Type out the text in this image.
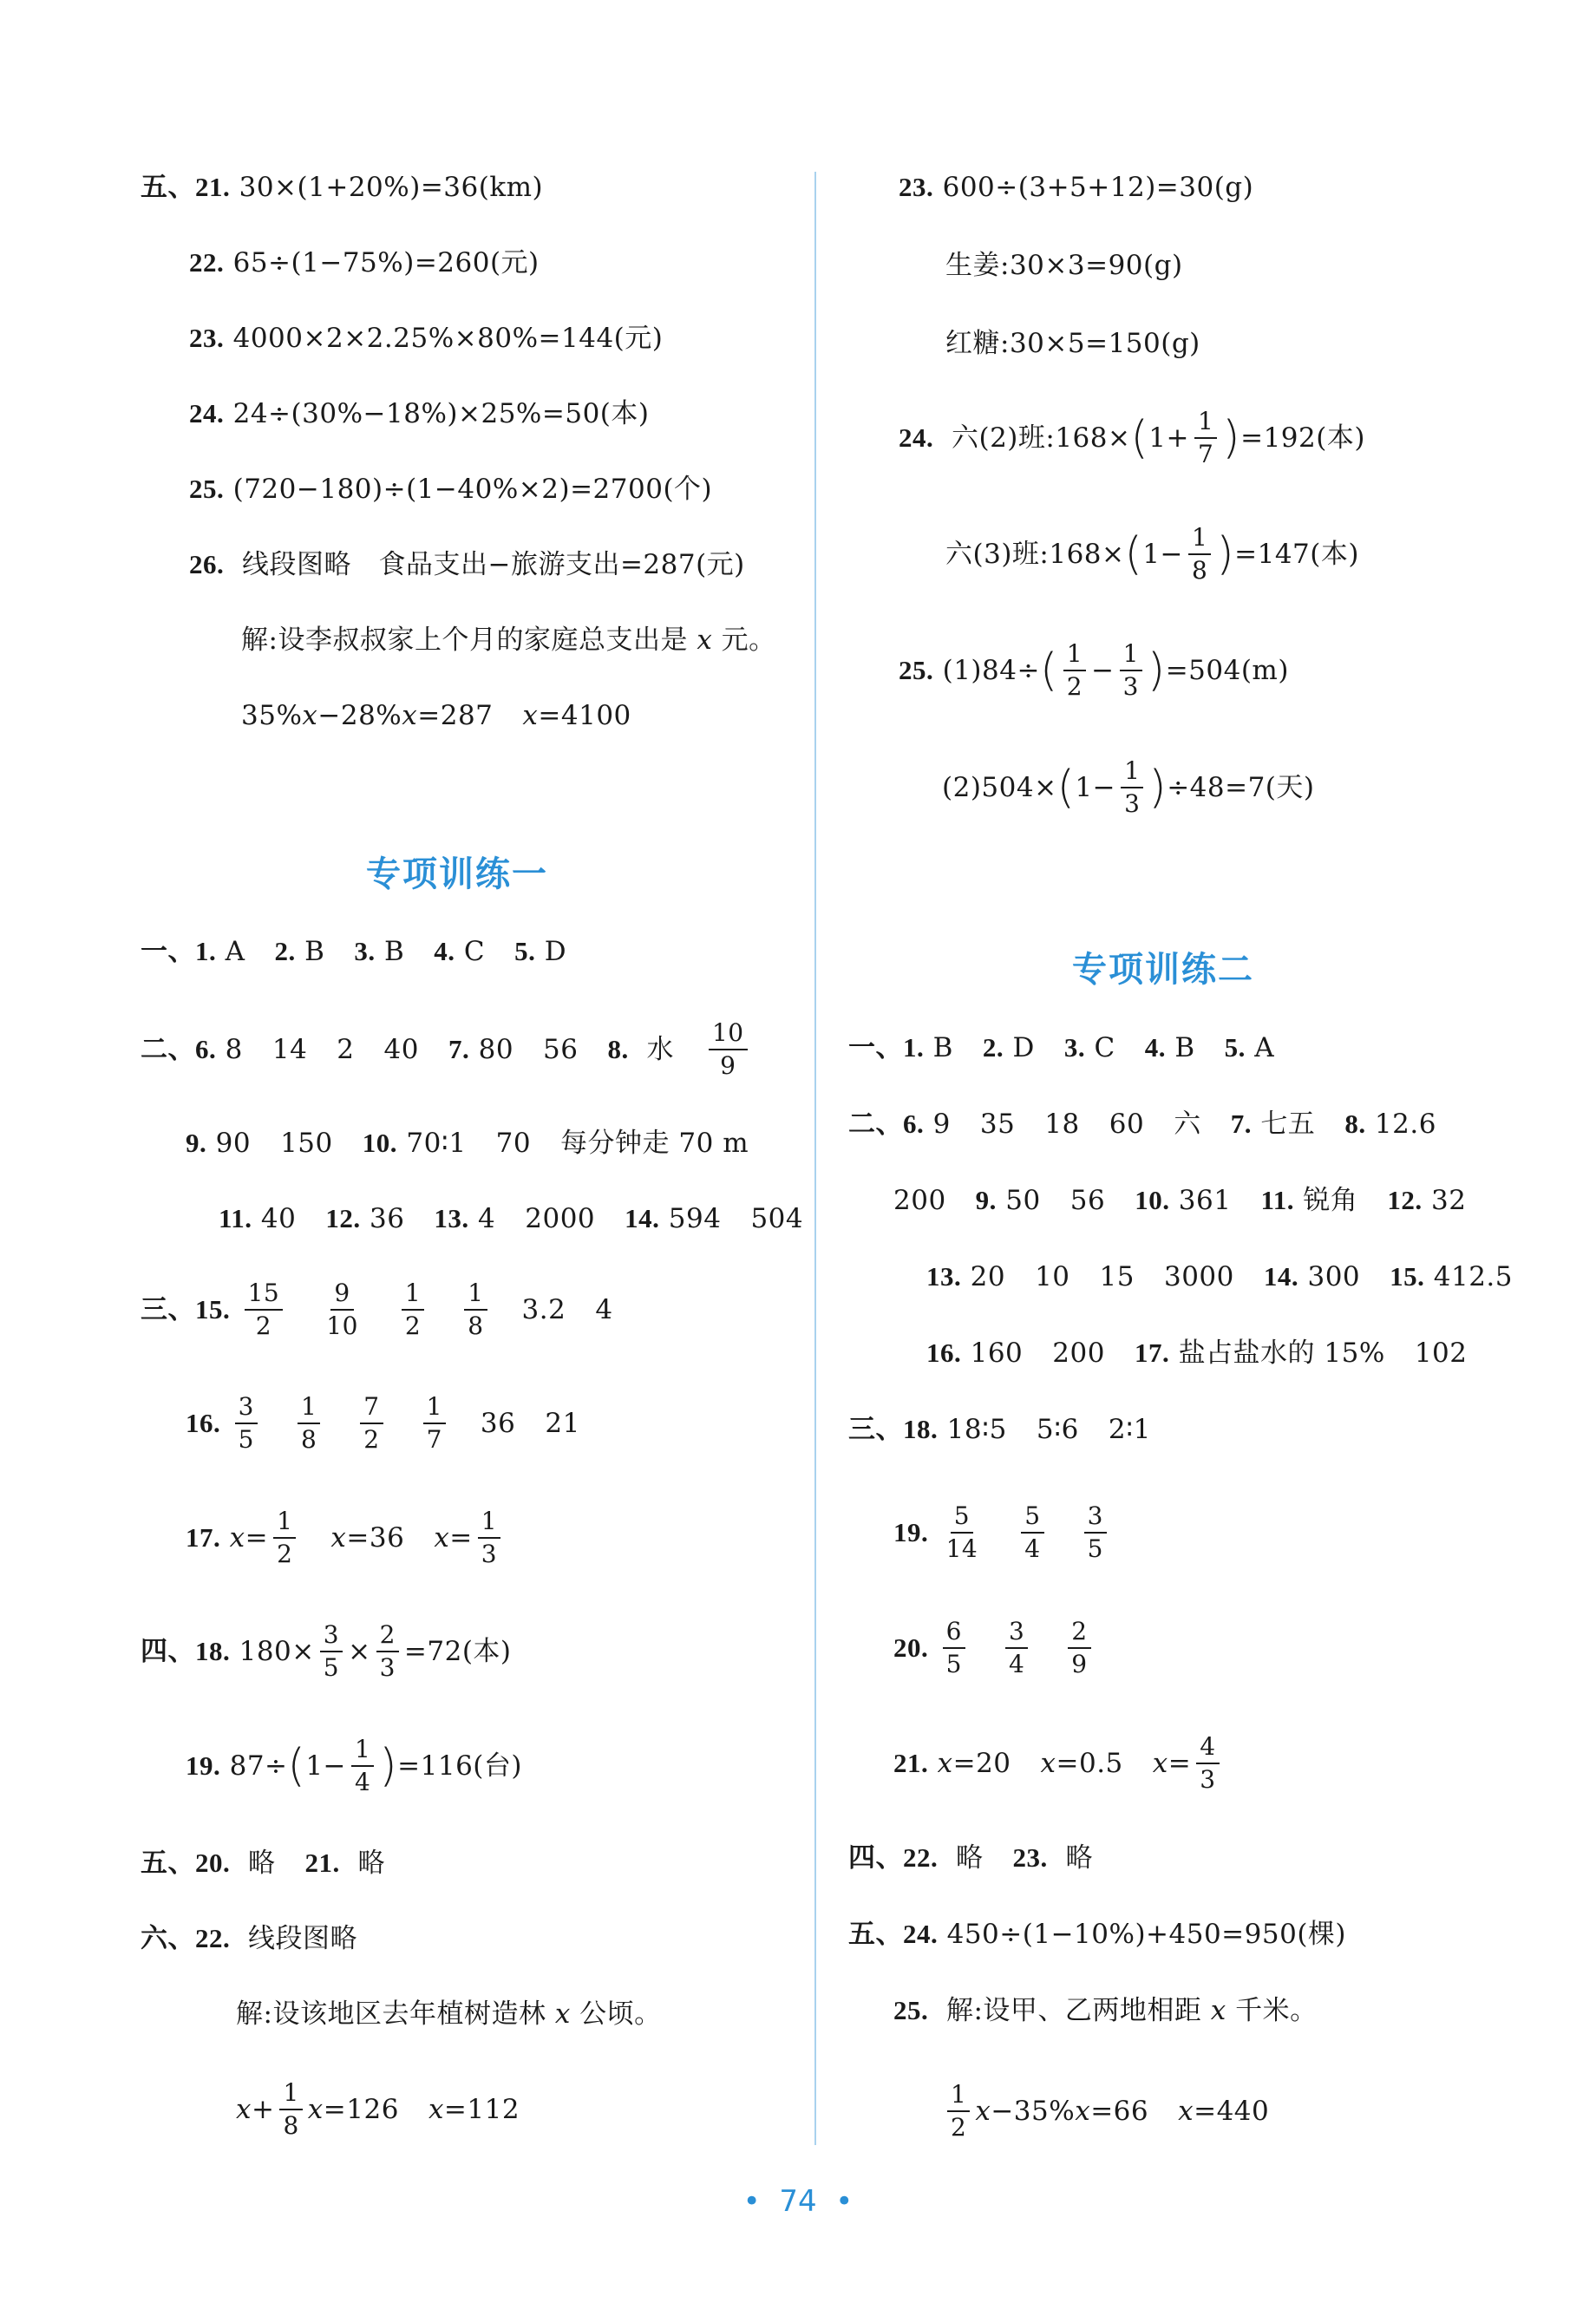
五、21.
30×(1+20%)=36(km)
22.
65÷(1−75%)=260(元)
23.
4000×2×2.25%×80%=144(元)
24.
24÷(30%−18%)×25%=50(本)
25.
(720−180)÷(1−40%×2)=2700(个)
26.
线段图略　食品支出−旅游支出=287(元)
解:设李叔叔家上个月的家庭总支出是
x
元。
35% x −28% x =287 x =4100
23.
600÷(3+5+12)=30(g)
生姜:30×3=90(g)
红糖:30×5=150(g)
24.
六(2)班:168× ( $1+ \frac{1}{7}$ ) =192(本)
六(3)班:168× ( $1- \frac{1}{8}$ ) =147(本)
25.
(1)84÷ ( $\frac{1}{2} - \frac{1}{3}$ ) =504(m)
(2)504× ( $1- \frac{1}{3}$ ) ÷48=7(天)
专项训练一
专项训练二
一、1.
A 2.
B 3.
B 4.
C 5.
D
二、6.
8 14 2 40 7.
80 56 8.
水 $\frac{10}{9}$
9.
90 150 10.
70∶1 70 每分钟走 70 m
11.
40 12.
36 13.
4 2000 14.
594 504
三、15.
$\frac{15}{2} \frac{9}{10} \frac{1}{2} \frac{1}{8} 3.2$ 4
16.
$\frac{3}{5} \frac{1}{8} \frac{7}{2} \frac{1}{7} 36$ 21
17.
$x = \frac{1}{2}$ x =36 $x = \frac{1}{3}$
四、18.
$180\times \frac{3}{5} \times \frac{2}{3} =72$(本)
19.
87÷ ( $1- \frac{1}{4}$ ) =116(台)
五、20.
略 21.
略
六、22.
线段图略
解:设该地区去年植树造林
x
公顷。
$x + \frac{1}{8}$ x =126 x =112
一、1.
B 2.
D 3.
C 4.
B 5.
A
二、6.
9 35 18 60 六 7.
七五 8.
12.6
200 9.
50 56 10.
361 11.
锐角 12.
32
13.
20 10 15 3000 14.
300 15.
412.5
16.
160 200 17.
盐占盐水的 15% 102
三、18.
18∶5 5∶6 2∶1
19.
$\frac{5}{14} \frac{5}{4} \frac{3}{5}$
20.
$\frac{6}{5} \frac{3}{4} \frac{2}{9}$
21.
x =20 x =0.5 $x = \frac{4}{3}$
四、22.
略 23.
略
五、24.
450÷(1−10%)+450=950(棵)
25.
解:设甲、乙两地相距
x
千米。
$\frac{1}{2}$ x −35% x =66 x =440
• 74 •
